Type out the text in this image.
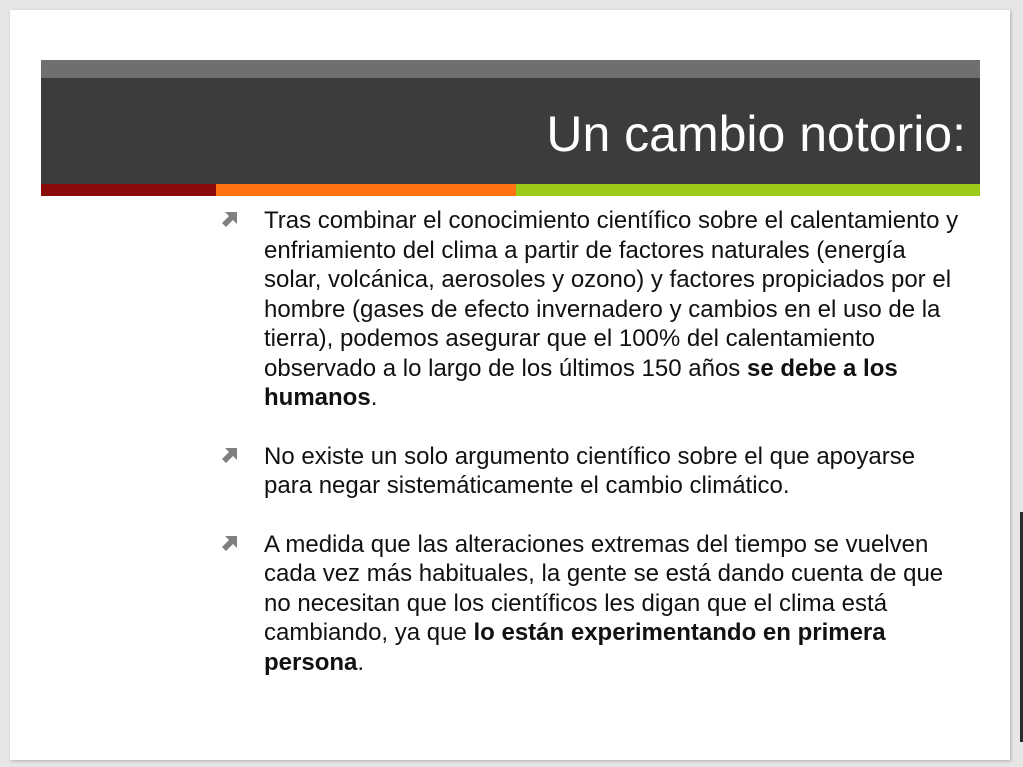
Un cambio notorio:
Tras combinar el conocimiento científico sobre el calentamiento y enfriamiento del clima a partir de factores naturales (energía solar, volcánica, aerosoles y ozono) y factores propiciados por el hombre (gases de efecto invernadero y cambios en el uso de la tierra), podemos asegurar que el 100% del calentamiento observado a lo largo de los últimos 150 años se debe a los humanos.
No existe un solo argumento científico sobre el que apoyarse para negar sistemáticamente el cambio climático.
A medida que las alteraciones extremas del tiempo se vuelven cada vez más habituales, la gente se está dando cuenta de que no necesitan que los científicos les digan que el clima está cambiando, ya que lo están experimentando en primera persona.
